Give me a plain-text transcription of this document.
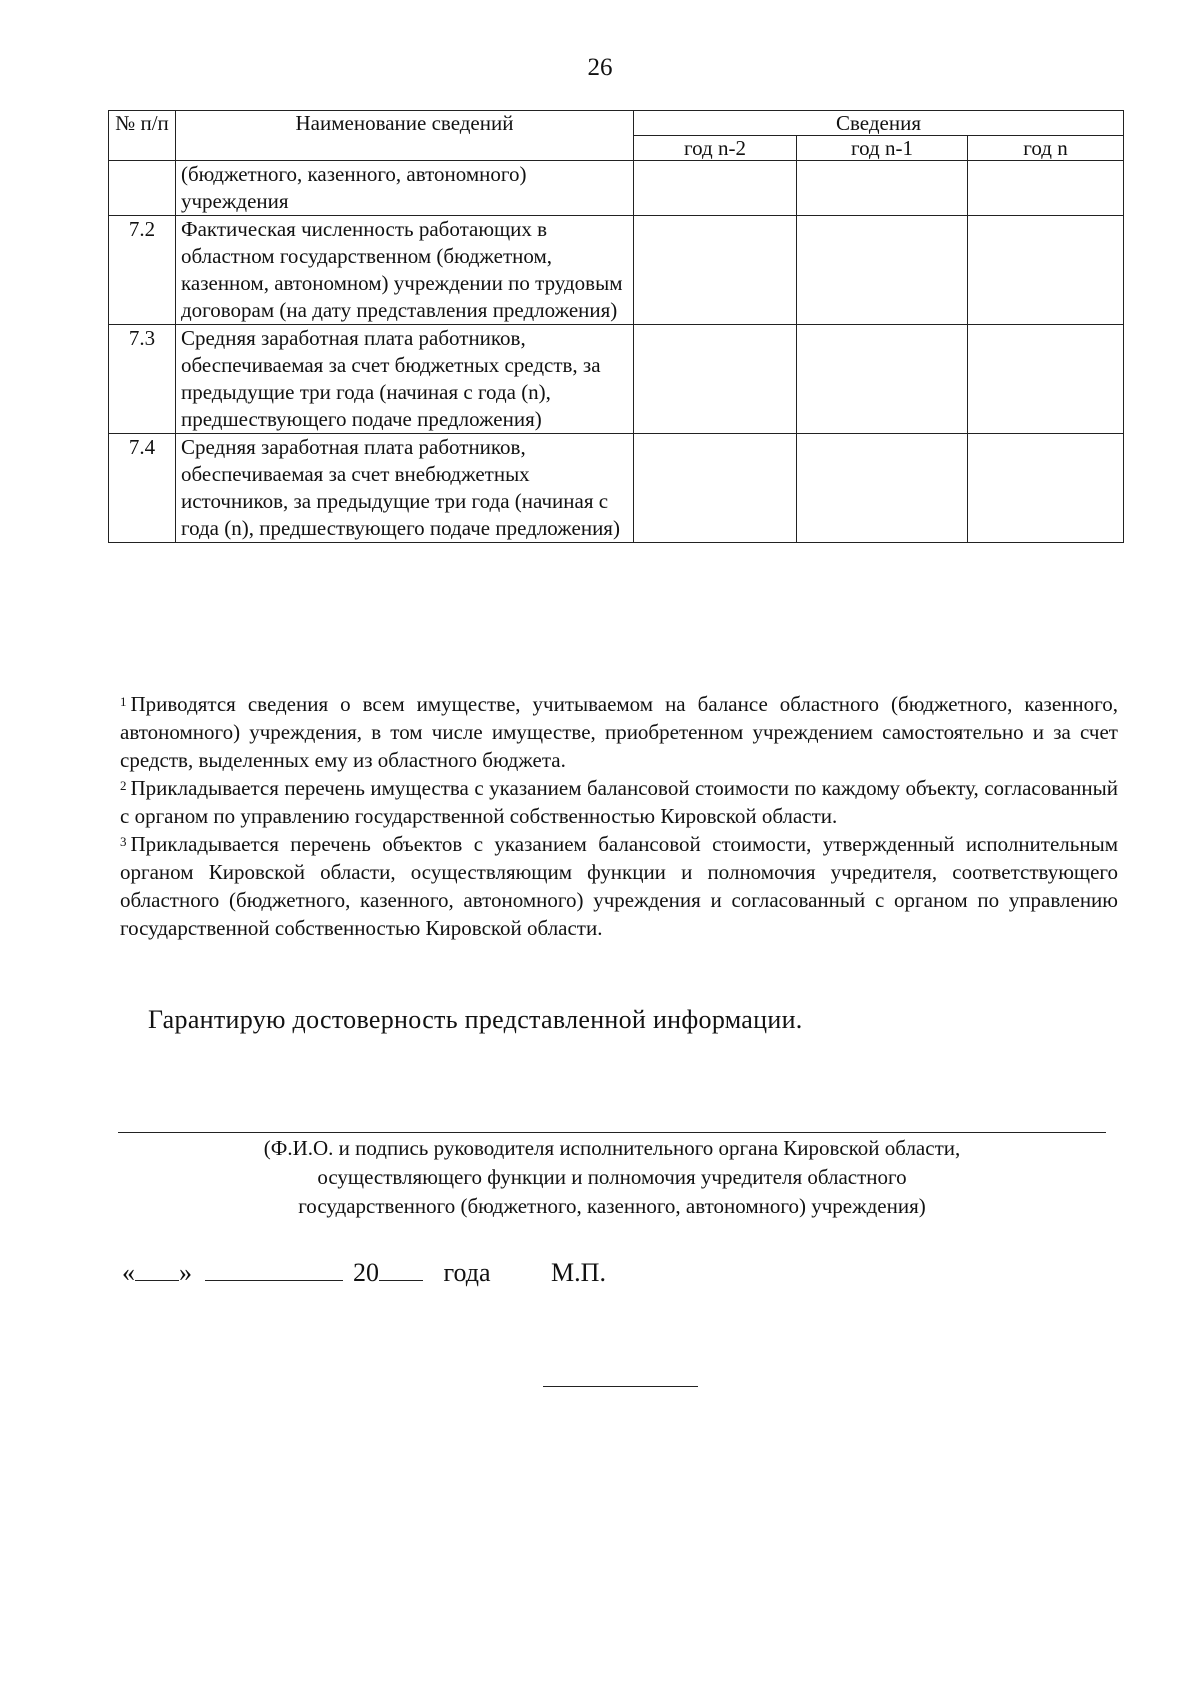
26
№ п/п	Наименование сведений	Сведения		
		год n-2	год n-1	год n
	(бюджетного, казенного, автономного) учреждения			
7.2	Фактическая численность работающих в областном государственном (бюджетном, казенном, автономном) учреждении по трудовым договорам (на дату представления предложения)			
7.3	Средняя заработная плата работников, обеспечиваемая за счет бюджетных средств, за предыдущие три года (начиная с года (n), предшествующего подаче предложения)			
7.4	Средняя заработная плата работников, обеспечиваемая за счет внебюджетных источников, за предыдущие три года (начиная с года (n), предшествующего подаче предложения)			

$^1$ Приводятся сведения о всем имуществе, учитываемом на балансе областного (бюджетного, казенного, автономного) учреждения, в том числе имуществе, приобретенном учреждением самостоятельно и за счет средств, выделенных ему из областного бюджета.

$^2$ Прикладывается перечень имущества с указанием балансовой стоимости по каждому объекту, согласованный с органом по управлению государственной собственностью Кировской области.

$^3$ Прикладывается перечень объектов с указанием балансовой стоимости, утвержденный исполнительным органом Кировской области, осуществляющим функции и полномочия учредителя, соответствующего областного (бюджетного, казенного, автономного) учреждения и согласованный с органом по управлению государственной собственностью Кировской области.

Гарантирую достоверность представленной информации.
(Ф.И.О. и подпись руководителя исполнительного органа Кировской области,
осуществляющего функции и полномочия учредителя областного
государственного (бюджетного, казенного, автономного) учреждения)
« »	20 года М.П.
